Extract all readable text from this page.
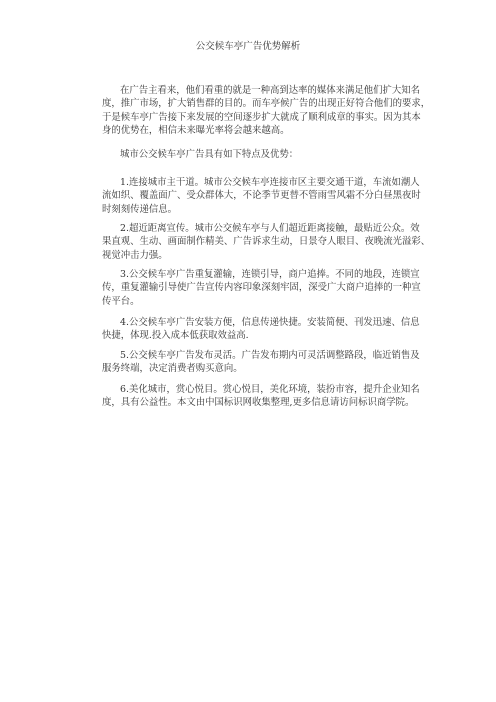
公交候车亭广告优势解析
在广告主看来，他们看重的就是一种高到达率的媒体来满足他们扩大知名
度，推广市场，扩大销售群的目的。而车亭候广告的出现正好符合他们的要求，
于是候车亭广告接下来发展的空间逐步扩大就成了顺利成章的事实。因为其本
身的优势在，相信未来曝光率将会越来越高。
城市公交候车亭广告具有如下特点及优势：
1.连接城市主干道。城市公交候车亭连接市区主要交通干道，车流如潮人
流如织、覆盖面广、受众群体大，不论季节更替不管雨雪风霜不分白昼黑夜时
时刻刻传递信息。
2.超近距离宣传。城市公交候车亭与人们超近距离接触，最贴近公众。效
果直观、生动、画面制作精美、广告诉求生动，日景夺人眼目、夜晚流光溢彩、
视觉冲击力强。
3.公交候车亭广告重复灌输，连锁引导，商户追捧。不同的地段，连锁宣
传，重复灌输引导使广告宣传内容印象深刻牢固，深受广大商户追捧的一种宣
传平台。
4.公交候车亭广告安装方便，信息传递快捷。安装简便、刊发迅速、信息
快捷，体现.投入成本低获取效益高.
5.公交候车亭广告发布灵活。广告发布期内可灵活调整路段，临近销售及
服务终端，决定消费者购买意向。
6.美化城市，赏心悦目。赏心悦目，美化环境，装扮市容，提升企业知名
度，具有公益性。本文由中国标识网收集整理,更多信息请访问标识商学院。
